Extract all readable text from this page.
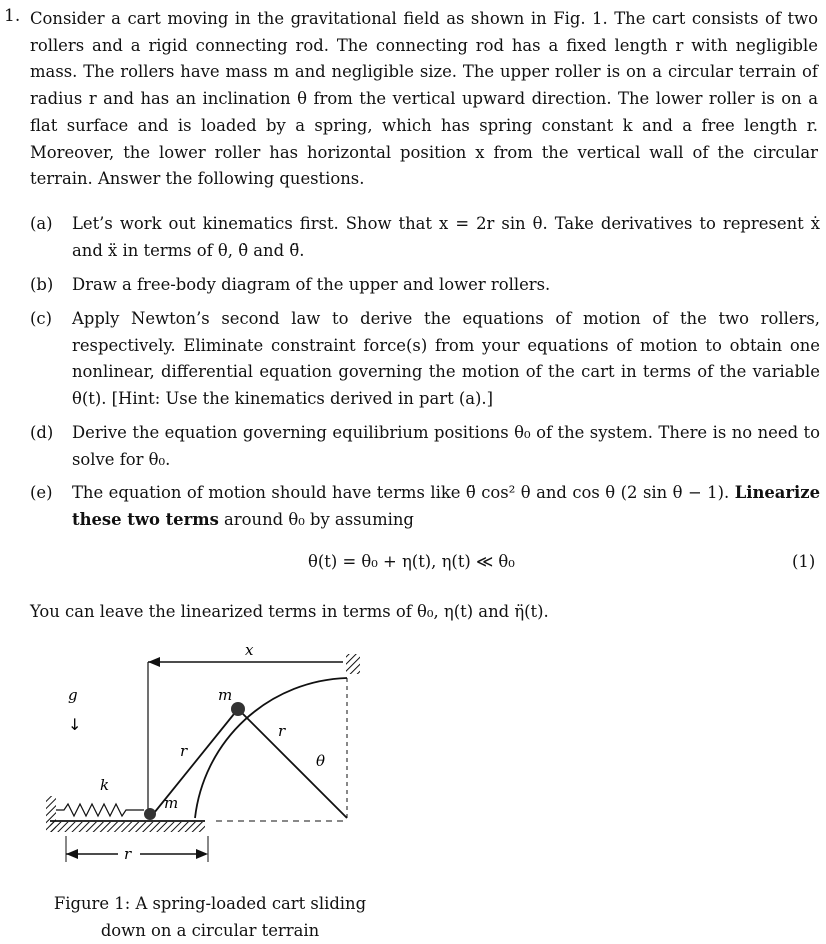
1. Consider a cart moving in the gravitational field as shown in Fig. 1. The cart consists of two rollers and a rigid connecting rod. The connecting rod has a fixed length r with negligible mass. The rollers have mass m and negligible size. The upper roller is on a circular terrain of radius r and has an inclination θ from the vertical upward direction. The lower roller is on a flat surface and is loaded by a spring, which has spring constant k and a free length r. Moreover, the lower roller has horizontal position x from the vertical wall of the circular terrain. Answer the following questions.
(a)	Let’s work out kinematics first. Show that x = 2r sin θ. Take derivatives to represent ẋ and ẍ in terms of θ, θ̇ and θ̈.
(b)	Draw a free-body diagram of the upper and lower rollers.
(c)	Apply Newton’s second law to derive the equations of motion of the two rollers, respectively. Eliminate constraint force(s) from your equations of motion to obtain one nonlinear, differential equation governing the motion of the cart in terms of the variable θ(t). [Hint: Use the kinematics derived in part (a).]
(d)	Derive the equation governing equilibrium positions θ₀ of the system. There is no need to solve for θ₀.
(e)	The equation of motion should have terms like θ̈ cos² θ and cos θ (2 sin θ − 1). Linearize these two terms around θ₀ by assuming
θ(t) = θ₀ + η(t), η(t) ≪ θ₀	(1)
You can leave the linearized terms in terms of θ₀, η(t) and η̈(t).
x
g
↓
k
m
m
r
r
θ
r
Figure 1: A spring-loaded cart sliding down on a circular terrain
